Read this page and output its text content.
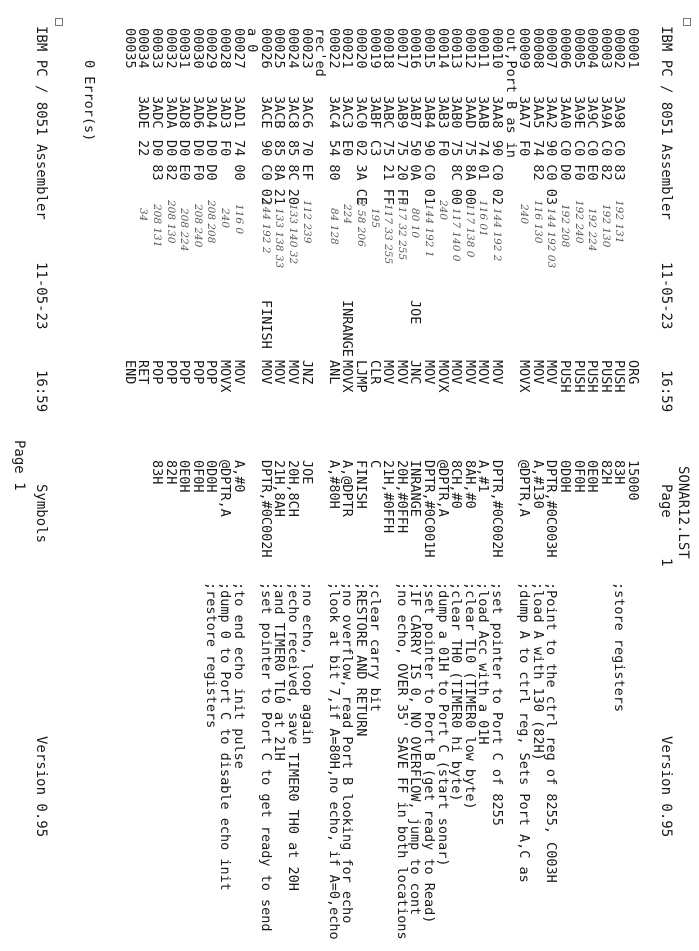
SONAR12.LST
IBM PC / 8051 Assembler
11-05-23
16:59
Page
1
Version 0.95
00001
ORG
15000
00002
3A98
C0 83
PUSH
83H
;store registers
00003
3A9A
C0 82
PUSH
82H
00004
3A9C
C0 E0
PUSH
0E0H
00005
3A9E
C0 F0
PUSH
0F0H
00006
3AA0
C0 D0
PUSH
0D0H
00007
3AA2
90 C0 03
MOV
DPTR,#0C003H
;Point to the ctrl reg of 8255, C003H
00008
3AA5
74 82
MOV
A,#130
;load A with 130 (82H)
00009
3AA7
F0
MOVX
@DPTR,A
;dump A to ctrl reg, Sets Port A,C as
out,Port B as in
00010
3AA8
90 C0 02
MOV
DPTR,#0C002H
;set pointer to Port C of 8255
00011
3AAB
74 01
MOV
A,#1
;load Acc with a 01H
00012
3AAD
75 8A 00
MOV
8AH,#0
;clear TL0 (TIMER0 low byte)
00013
3AB0
75 8C 00
MOV
8CH,#0
;clear TH0 (TIMER0 hi byte)
00014
3AB3
F0
MOVX
@DPTR,A
;dump a 01H to Port C (start sonar)
00015
3AB4
90 C0 01
MOV
DPTR,#0C001H
;set pointer to Port B (get ready to Read)
00016
3AB7
50 0A
JOE
JNC
INRANGE
;IF CARRY IS 0, NO OVERFLOW, jump to cont
00017
3AB9
75 20 FF
MOV
20H,#0FFH
;no echo, OVER 35' SAVE FF in both locations
00018
3ABC
75 21 FF
MOV
21H,#0FFH
00019
3ABF
C3
CLR
C
;clear carry bit
00020
3AC0
02 3A CE
LJMP
FINISH
;RESTORE AND RETURN
00021
3AC3
E0
INRANGE
MOVX
A,@DPTR
;no overflow, read Port B looking for echo
00022
3AC4
54 80
ANL
A,#80H
;look at bit 7,if A=80H,no echo, if A=0,echo
rec'ed
00023
3AC6
70 EF
JNZ
JOE
;no echo, loop again
00024
3AC8
85 8C 20
MOV
20H,8CH
;echo received, save TIMER0 TH0 at 20H
00025
3ACB
85 8A 21
MOV
21H,8AH
;and TIMER0 TL0 at 21H
00026
3ACE
90 C0 02
FINISH
MOV
DPTR,#0C002H
;set pointer to Port C to get ready to send
a 0
00027
3AD1
74 00
MOV
A,#0
;to end echo init pulse
00028
3AD3
F0
MOVX
@DPTR,A
;dump 0 to Port C to disable echo init
00029
3AD4
D0 D0
POP
0D0H
;restore registers
00030
3AD6
D0 F0
POP
0F0H
00031
3AD8
D0 E0
POP
0E0H
00032
3ADA
D0 82
POP
82H
00033
3ADC
D0 83
POP
83H
00034
3ADE
22
RET
00035
END
192 131
192 130
192 224
192 240
192 208
144 192 03
116 130
240
144 192 2
116 01
117 138 0
117 140 0
240
144 192 1
80 10
117 32 255
117 33 255
195
2 58 206
224
84 128
112 239
133 140 32
133 138 33
144 192 2
116 0
240
208 208
208 240
208 224
208 130
208 131
34
0 Error(s)
IBM PC / 8051 Assembler
11-05-23
16:59
Symbols
Version 0.95
Page 1
